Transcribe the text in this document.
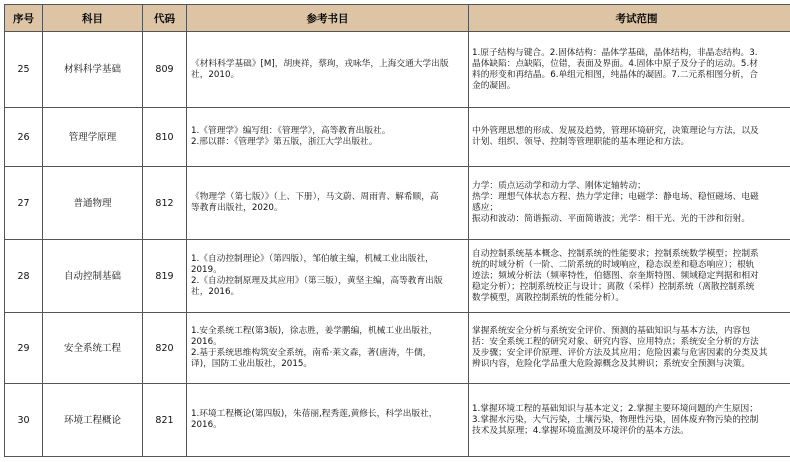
序号	科目	代码	参考书目	考试范围
25	材料科学基础	809	《材料科学基础》[M]，胡庚祥，蔡珣，戎咏华，上海交通大学出版
社，2010。	1.原子结构与键合。2.固体结构：晶体学基础，晶体结构，非晶态结构。3.
晶体缺陷：点缺陷，位错，表面及界面。4.固体中原子及分子的运动。5.材
料的形变和再结晶。6.单组元相图，纯晶体的凝固。7.二元系相图分析，合
金的凝固。

26	管理学原理	810	1.《管理学》编写组：《管理学》，高等教育出版社。
2.邢以群：《管理学》第五版，浙江大学出版社。	中外管理思想的形成、发展及趋势，管理环境研究，决策理论与方法，以及
计划、组织、领导、控制等管理职能的基本理论和方法。

27	普通物理	812	《物理学（第七版）》（上、下册），马文蔚、周雨青、解希顺，高
等教育出版社，2020。	力学：质点运动学和动力学、刚体定轴转动；
热学：理想气体状态方程、热力学定律；电磁学：静电场、稳恒磁场、电磁
感应；
振动和波动：简谐振动、平面简谐波；光学：相干光、光的干涉和衍射。

28	自动控制基础	819	1.《自动控制理论》（第四版），邹伯敏主编，机械工业出版社，
2019。
2.《自动控制原理及其应用》（第三版），黄坚主编，高等教育出版
社，2016。	自动控制系统基本概念、控制系统的性能要求；控制系统数学模型；控制系
统的时域分析（一阶、二阶系统的时域响应，稳态误差和稳态响应）；根轨
迹法；频域分析法（频率特性，伯德图、奈奎斯特图、频域稳定判据和相对
稳定分析）；控制系统校正与设计；离散（采样）控制系统（离散控制系统
数学模型，离散控制系统的性能分析）。

29	安全系统工程	820	1.安全系统工程(第3版)，徐志胜，姜学鹏编，机械工业出版社，
2016。
2.基于系统思维构筑安全系统，南希·莱文森，著(唐涛，牛儒，
译)，国防工业出版社，2015。	掌握系统安全分析与系统安全评价、预测的基础知识与基本方法，内容包
括：安全系统工程的研究对象、研究内容、应用特点；系统安全分析的方法
及步骤；安全评价原理、评价方法及其应用；危险因素与危害因素的分类及其
辨识内容，危险化学品重大危险源概念及其辨识；系统安全预测与决策。

30	环境工程概论	821	1.环境工程概论(第四版)，朱蓓丽,程秀莲,黄修长，科学出版社，
2016。	1.掌握环境工程的基础知识与基本定义；2.掌握主要环境问题的产生原因；
3.掌握水污染，大气污染，土壤污染，物理性污染，固体废弃物污染的控制
技术及其原理；4.掌握环境监测及环境评价的基本方法。
